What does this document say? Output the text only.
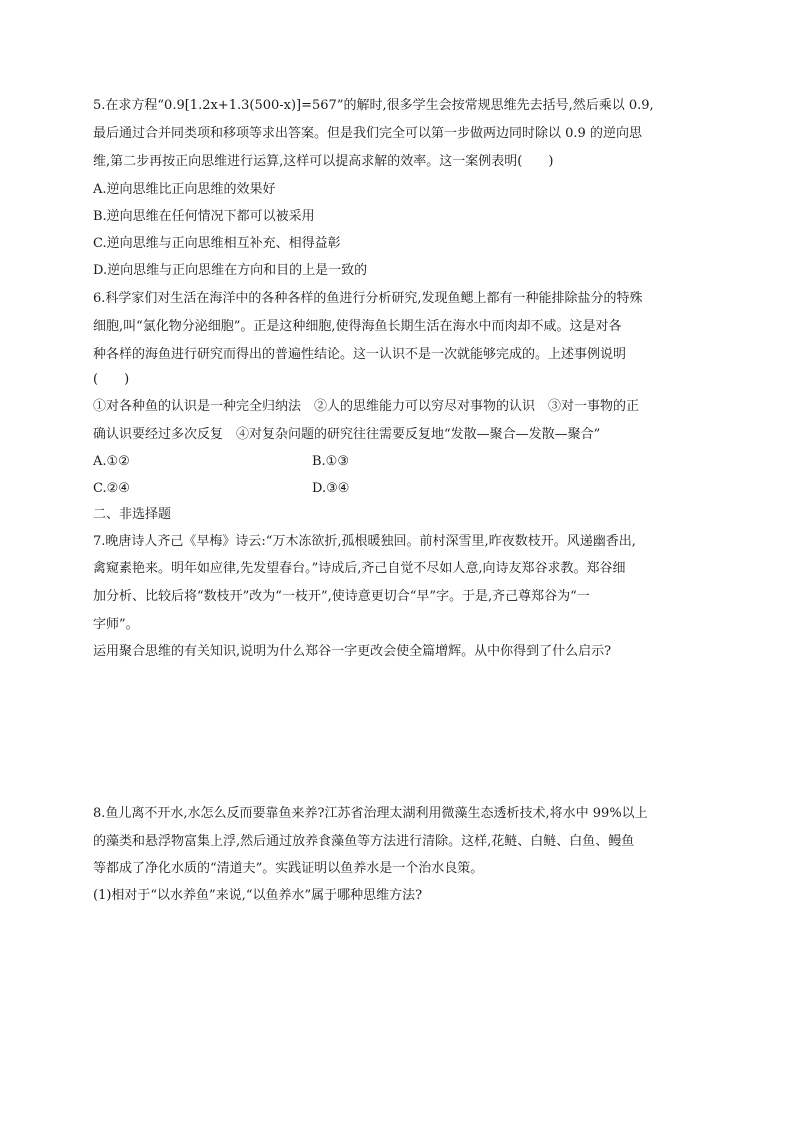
5.在求方程“0.9[1.2x+1.3(500-x)]=567”的解时,很多学生会按常规思维先去括号,然后乘以 0.9,
最后通过合并同类项和移项等求出答案。但是我们完全可以第一步做两边同时除以 0.9 的逆向思
维,第二步再按正向思维进行运算,这样可以提高求解的效率。这一案例表明(　　)
A.逆向思维比正向思维的效果好
B.逆向思维在任何情况下都可以被采用
C.逆向思维与正向思维相互补充、相得益彰
D.逆向思维与正向思维在方向和目的上是一致的
6.科学家们对生活在海洋中的各种各样的鱼进行分析研究,发现鱼鳃上都有一种能排除盐分的特殊
细胞,叫“氯化物分泌细胞”。正是这种细胞,使得海鱼长期生活在海水中而肉却不咸。这是对各
种各样的海鱼进行研究而得出的普遍性结论。这一认识不是一次就能够完成的。上述事例说明
(　　)
①对各种鱼的认识是一种完全归纳法　②人的思维能力可以穷尽对事物的认识　③对一事物的正
确认识要经过多次反复　④对复杂问题的研究往往需要反复地“发散—聚合—发散—聚合”
A.①②	B.①③
C.②④	D.③④
二、非选择题
7.晚唐诗人齐己《早梅》诗云:“万木冻欲折,孤根暖独回。前村深雪里,昨夜数枝开。风递幽香出,
禽窥素艳来。明年如应律,先发望春台。”诗成后,齐己自觉不尽如人意,向诗友郑谷求教。郑谷细
加分析、比较后将“数枝开”改为“一枝开”,使诗意更切合“早”字。于是,齐己尊郑谷为“一
字师”。
运用聚合思维的有关知识,说明为什么郑谷一字更改会使全篇增辉。从中你得到了什么启示?
8.鱼儿离不开水,水怎么反而要靠鱼来养?江苏省治理太湖利用微藻生态透析技术,将水中 99%以上
的藻类和悬浮物富集上浮,然后通过放养食藻鱼等方法进行清除。这样,花鲢、白鲢、白鱼、鳗鱼
等都成了净化水质的“清道夫”。实践证明以鱼养水是一个治水良策。
(1)相对于“以水养鱼”来说,“以鱼养水”属于哪种思维方法?
